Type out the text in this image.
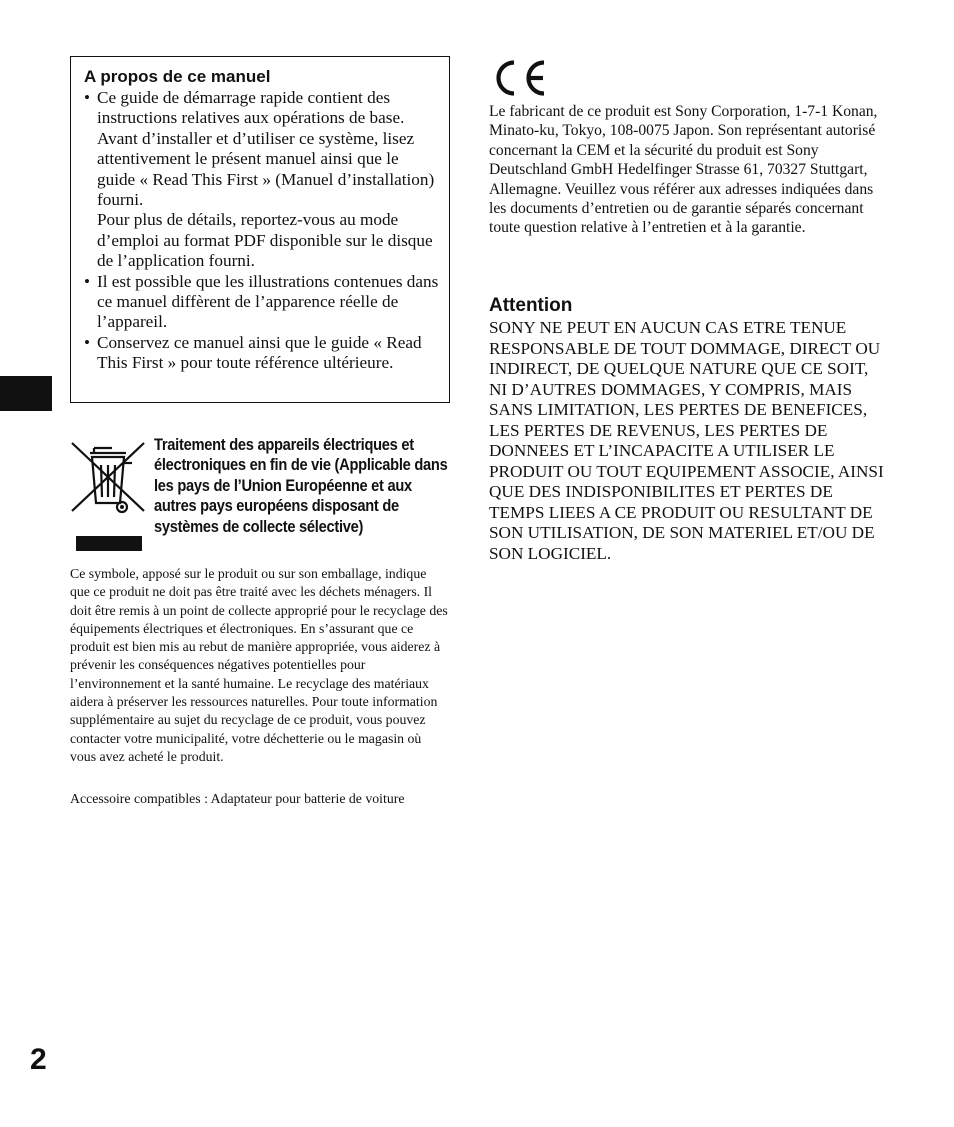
A propos de ce manuel

• Ce guide de démarrage rapide contient des instructions relatives aux opérations de base. Avant d’installer et d’utiliser ce système, lisez attentivement le présent manuel ainsi que le guide « Read This First » (Manuel d’installation) fourni.

Pour plus de détails, reportez-vous au mode d’emploi au format PDF disponible sur le disque de l’application fourni.

• Il est possible que les illustrations contenues dans ce manuel diffèrent de l’apparence réelle de l’appareil.

• Conservez ce manuel ainsi que le guide « Read This First » pour toute référence ultérieure.

Traitement des appareils électriques et électroniques en fin de vie (Applicable dans les pays de l’Union Européenne et aux autres pays européens disposant de systèmes de collecte sélective)

Ce symbole, apposé sur le produit ou sur son emballage, indique que ce produit ne doit pas être traité avec les déchets ménagers. Il doit être remis à un point de collecte approprié pour le recyclage des équipements électriques et électroniques. En s’assurant que ce produit est bien mis au rebut de manière appropriée, vous aiderez à prévenir les conséquences négatives potentielles pour l’environnement et la santé humaine. Le recyclage des matériaux aidera à préserver les ressources naturelles. Pour toute information supplémentaire au sujet du recyclage de ce produit, vous pouvez contacter votre municipalité, votre déchetterie ou le magasin où vous avez acheté le produit.

Accessoire compatibles : Adaptateur pour batterie de voiture

Le fabricant de ce produit est Sony Corporation, 1-7-1 Konan, Minato-ku, Tokyo, 108-0075 Japon. Son représentant autorisé concernant la CEM et la sécurité du produit est Sony Deutschland GmbH Hedelfinger Strasse 61, 70327 Stuttgart, Allemagne. Veuillez vous référer aux adresses indiquées dans les documents d’entretien ou de garantie séparés concernant toute question relative à l’entretien et à la garantie.

Attention

SONY NE PEUT EN AUCUN CAS ETRE TENUE RESPONSABLE DE TOUT DOMMAGE, DIRECT OU INDIRECT, DE QUELQUE NATURE QUE CE SOIT, NI D’AUTRES DOMMAGES, Y COMPRIS, MAIS SANS LIMITATION, LES PERTES DE BENEFICES, LES PERTES DE REVENUS, LES PERTES DE DONNEES ET L’INCAPACITE A UTILISER LE PRODUIT OU TOUT EQUIPEMENT ASSOCIE, AINSI QUE DES INDISPONIBILITES ET PERTES DE TEMPS LIEES A CE PRODUIT OU RESULTANT DE SON UTILISATION, DE SON MATERIEL ET/OU DE SON LOGICIEL.

2
